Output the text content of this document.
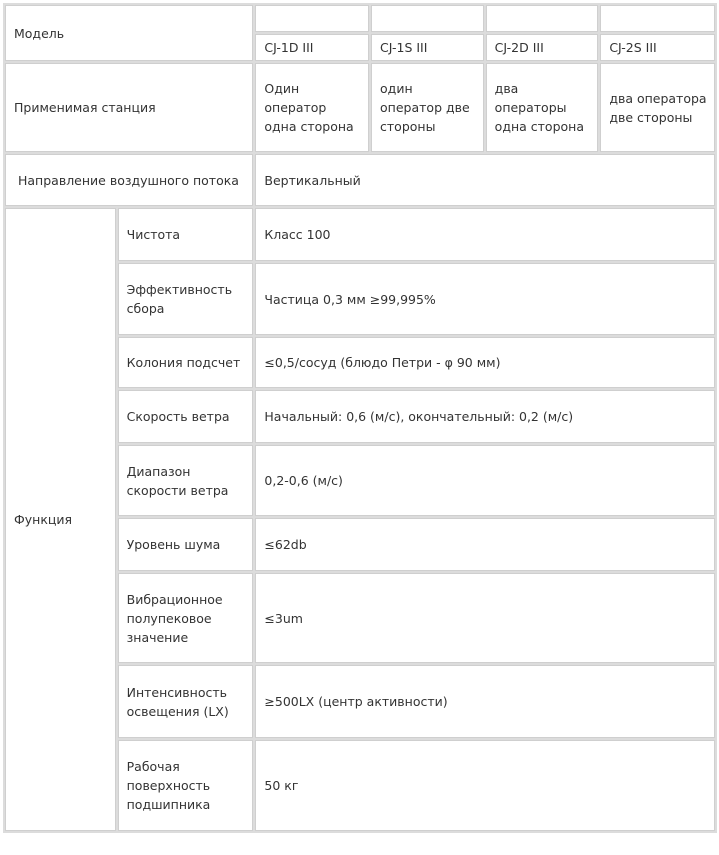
Модель					

		CJ-1D III	CJ-1S III	CJ-2D III	CJ-2S III

Применимая станция		Один оператор одна сторона	один оператор две стороны	два операторы одна сторона	два оператора две стороны

Направление воздушного потока		Вертикальный			

Функция	Чистота	Класс 100			

	Эффективность сбора	Частица 0,3 мм ≥99,995%			

	Колония подсчет	≤0,5/сосуд (блюдо Петри - φ 90 мм)			

	Скорость ветра	Начальный: 0,6 (м/с), окончательный: 0,2 (м/с)			

	Диапазон скорости ветра	0,2-0,6 (м/с)			

	Уровень шума	≤62db			

	Вибрационное полупековое значение	≤3um			

	Интенсивность освещения (LX)	≥500LX (центр активности)			

	Рабочая поверхность подшипника	50 кг			
